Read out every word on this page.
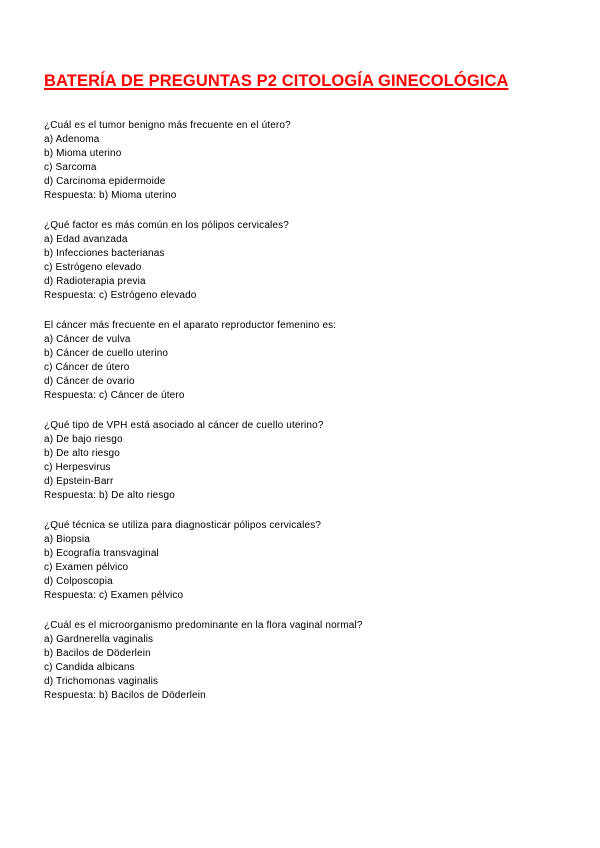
BATERÍA DE PREGUNTAS P2 CITOLOGÍA GINECOLÓGICA
¿Cuál es el tumor benigno más frecuente en el útero?
a) Adenoma
b) Mioma uterino
c) Sarcoma
d) Carcinoma epidermoide
Respuesta: b) Mioma uterino
¿Qué factor es más común en los pólipos cervicales?
a) Edad avanzada
b) Infecciones bacterianas
c) Estrógeno elevado
d) Radioterapia previa
Respuesta: c) Estrógeno elevado
El cáncer más frecuente en el aparato reproductor femenino es:
a) Cáncer de vulva
b) Cáncer de cuello uterino
c) Cáncer de útero
d) Cáncer de ovario
Respuesta: c) Cáncer de útero
¿Qué tipo de VPH está asociado al cáncer de cuello uterino?
a) De bajo riesgo
b) De alto riesgo
c) Herpesvirus
d) Epstein-Barr
Respuesta: b) De alto riesgo
¿Qué técnica se utiliza para diagnosticar pólipos cervicales?
a) Biopsia
b) Ecografía transvaginal
c) Examen pélvico
d) Colposcopia
Respuesta: c) Examen pélvico
¿Cuál es el microorganismo predominante en la flora vaginal normal?
a) Gardnerella vaginalis
b) Bacilos de Döderlein
c) Candida albicans
d) Trichomonas vaginalis
Respuesta: b) Bacilos de Döderlein
